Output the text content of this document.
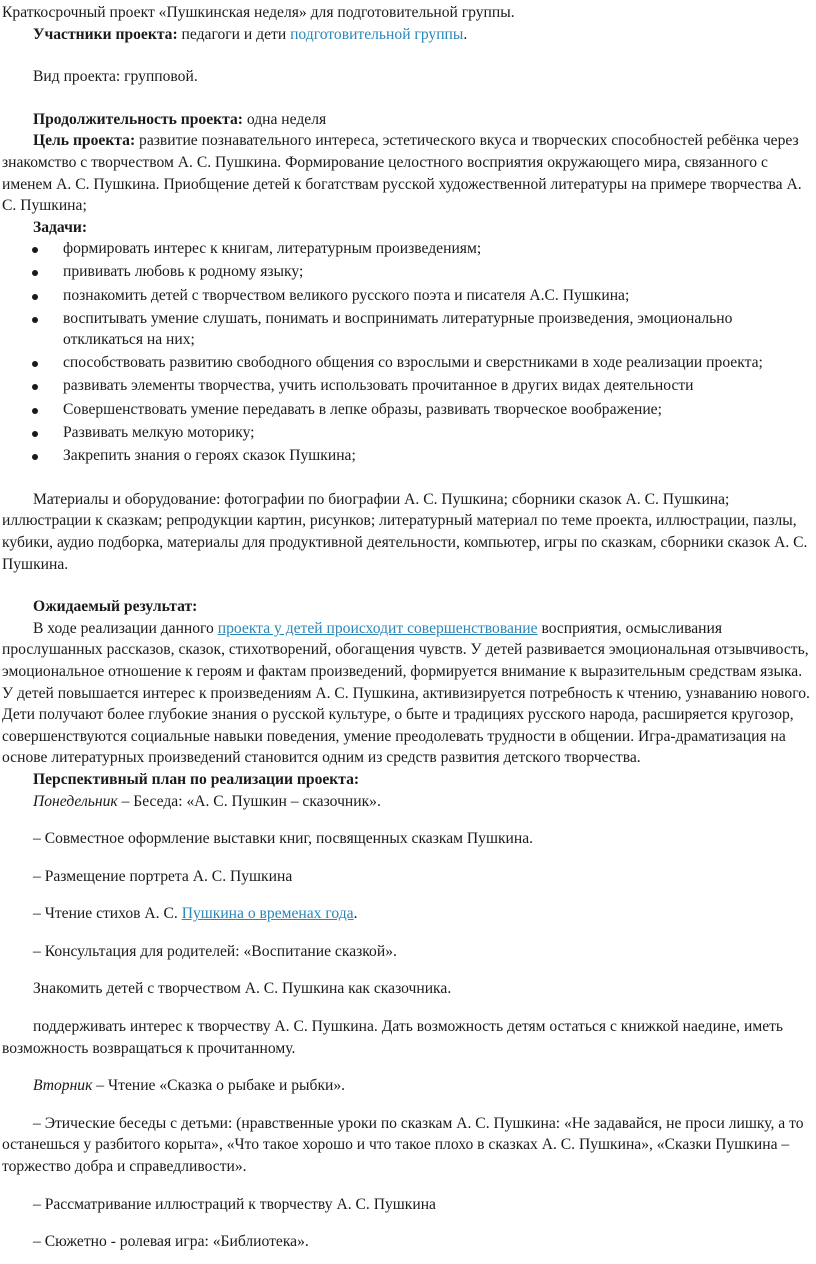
Краткосрочный проект «Пушкинская неделя» для подготовительной группы.

Участники проекта: педагоги и дети подготовительной группы.

Вид проекта: групповой.

Продолжительность проекта: одна неделя

Цель проекта: развитие познавательного интереса, эстетического вкуса и творческих способностей ребёнка через знакомство с творчеством А. С. Пушкина. Формирование целостного восприятия окружающего мира, связанного с именем А. С. Пушкина. Приобщение детей к богатствам русской художественной литературы на примере творчества А. С. Пушкина;

Задачи:

формировать интерес к книгам, литературным произведениям;
прививать любовь к родному языку;
познакомить детей с творчеством великого русского поэта и писателя А.С. Пушкина;
воспитывать умение слушать, понимать и воспринимать литературные произведения, эмоционально откликаться на них;
способствовать развитию свободного общения со взрослыми и сверстниками в ходе реализации проекта;
развивать элементы творчества, учить использовать прочитанное в других видах деятельности
Совершенствовать умение передавать в лепке образы, развивать творческое воображение;
Развивать мелкую моторику;
Закрепить знания о героях сказок Пушкина;

Материалы и оборудование: фотографии по биографии А. С. Пушкина; сборники сказок А. С. Пушкина; иллюстрации к сказкам; репродукции картин, рисунков; литературный материал по теме проекта, иллюстрации, пазлы, кубики, аудио подборка, материалы для продуктивной деятельности, компьютер, игры по сказкам, сборники сказок А. С. Пушкина.

Ожидаемый результат:

В ходе реализации данного проекта у детей происходит совершенствование восприятия, осмысливания прослушанных рассказов, сказок, стихотворений, обогащения чувств. У детей развивается эмоциональная отзывчивость, эмоциональное отношение к героям и фактам произведений, формируется внимание к выразительным средствам языка. У детей повышается интерес к произведениям А. С. Пушкина, активизируется потребность к чтению, узнаванию нового. Дети получают более глубокие знания о русской культуре, о быте и традициях русского народа, расширяется кругозор, совершенствуются социальные навыки поведения, умение преодолевать трудности в общении. Игра-драматизация на основе литературных произведений становится одним из средств развития детского творчества.

Перспективный план по реализации проекта:

Понедельник – Беседа: «А. С. Пушкин – сказочник».

– Совместное оформление выставки книг, посвященных сказкам Пушкина.

– Размещение портрета А. С. Пушкина

– Чтение стихов А. С. Пушкина о временах года.

– Консультация для родителей: «Воспитание сказкой».

Знакомить детей с творчеством А. С. Пушкина как сказочника.

поддерживать интерес к творчеству А. С. Пушкина. Дать возможность детям остаться с книжкой наедине, иметь возможность возвращаться к прочитанному.

Вторник – Чтение «Сказка о рыбаке и рыбки».

– Этические беседы с детьми: (нравственные уроки по сказкам А. С. Пушкина: «Не задавайся, не проси лишку, а то останешься у разбитого корыта», «Что такое хорошо и что такое плохо в сказках А. С. Пушкина», «Сказки Пушкина – торжество добра и справедливости».

– Рассматривание иллюстраций к творчеству А. С. Пушкина

– Сюжетно - ролевая игра: «Библиотека».
